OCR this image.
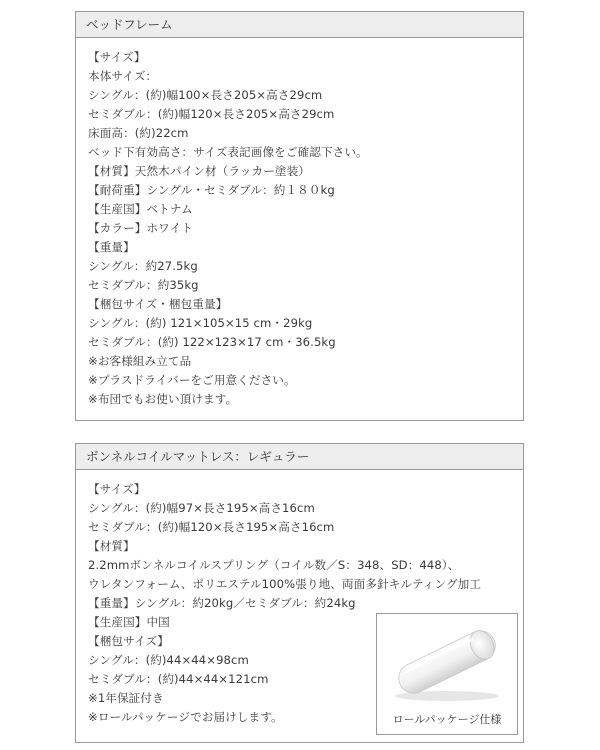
ベッドフレーム
【サイズ】
本体サイズ：
シングル：(約)幅100×長さ205×高さ29cm
セミダブル：(約)幅120×長さ205×高さ29cm
床面高：(約)22cm
ベッド下有効高さ：サイズ表記画像をご確認下さい。
【材質】天然木パイン材（ラッカー塗装）
【耐荷重】シングル・セミダブル：約１８０kg
【生産国】ベトナム
【カラー】ホワイト
【重量】
シングル：約27.5kg
セミダブル：約35kg
【梱包サイズ・梱包重量】
シングル：(約) 121×105×15 cm・29kg
セミダブル：(約) 122×123×17 cm・36.5kg
※お客様組み立て品
※プラスドライバーをご用意ください。
※布団でもお使い頂けます。
ボンネルコイルマットレス：レギュラー
【サイズ】
シングル：(約)幅97×長さ195×高さ16cm
セミダブル：(約)幅120×長さ195×高さ16cm
【材質】
2.2mmボンネルコイルスプリング（コイル数／S：348、SD：448）、
ウレタンフォーム、ポリエステル100%張り地、両面多針キルティング加工
【重量】シングル：約20kg／セミダブル：約24kg
【生産国】中国
【梱包サイズ】
シングル：(約)44×44×98cm
セミダブル：(約)44×44×121cm
※1年保証付き
※ロールパッケージでお届けします。	ロールパッケージ仕様
